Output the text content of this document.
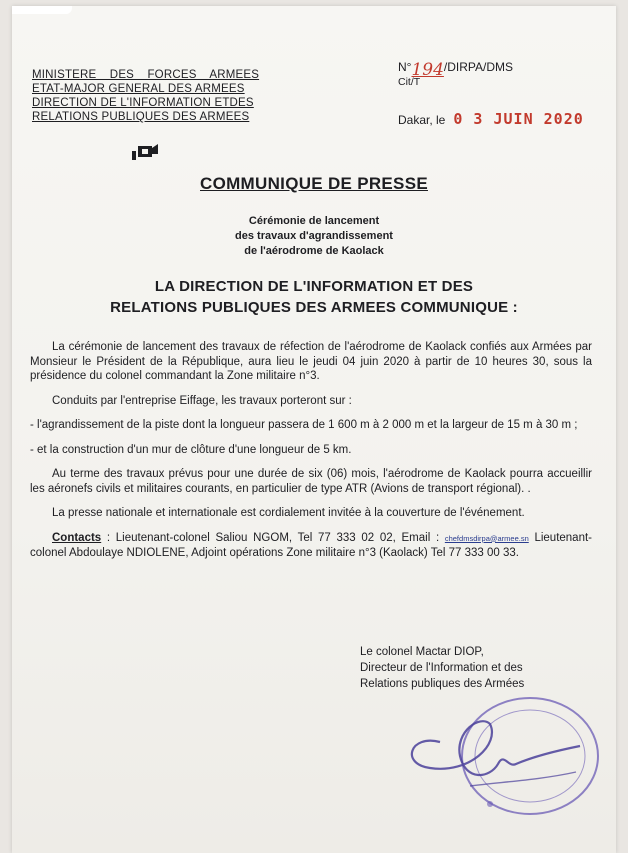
MINISTERE DES FORCES ARMEES
ETAT-MAJOR GENERAL DES ARMEES
DIRECTION DE L'INFORMATION ETDES
RELATIONS PUBLIQUES DES ARMEES
N°194/DIRPA/DMS
Cit/T
Dakar, le 0 3 JUIN 2020
COMMUNIQUE DE PRESSE
Cérémonie de lancement
des travaux d'agrandissement
de l'aérodrome de Kaolack
LA DIRECTION DE L'INFORMATION ET DES
RELATIONS PUBLIQUES DES ARMEES COMMUNIQUE :

La cérémonie de lancement des travaux de réfection de l'aérodrome de Kaolack confiés aux Armées par Monsieur le Président de la République, aura lieu le jeudi 04 juin 2020 à partir de 10 heures 30, sous la présidence du colonel commandant la Zone militaire n°3.

Conduits par l'entreprise Eiffage, les travaux porteront sur :

- l'agrandissement de la piste dont la longueur passera de 1 600 m à 2 000 m et la largeur de 15 m à 30 m ;

- et la construction d'un mur de clôture d'une longueur de 5 km.

Au terme des travaux prévus pour une durée de six (06) mois, l'aérodrome de Kaolack pourra accueillir les aéronefs civils et militaires courants, en particulier de type ATR (Avions de transport régional). .

La presse nationale et internationale est cordialement invitée à la couverture de l'événement.

Contacts : Lieutenant-colonel Saliou NGOM, Tel 77 333 02 02, Email : chefdmsdirpa@armee.sn Lieutenant-colonel Abdoulaye NDIOLENE, Adjoint opérations Zone militaire n°3 (Kaolack) Tel 77 333 00 33.

Le colonel Mactar DIOP,
Directeur de l'Information et des
Relations publiques des Armées
